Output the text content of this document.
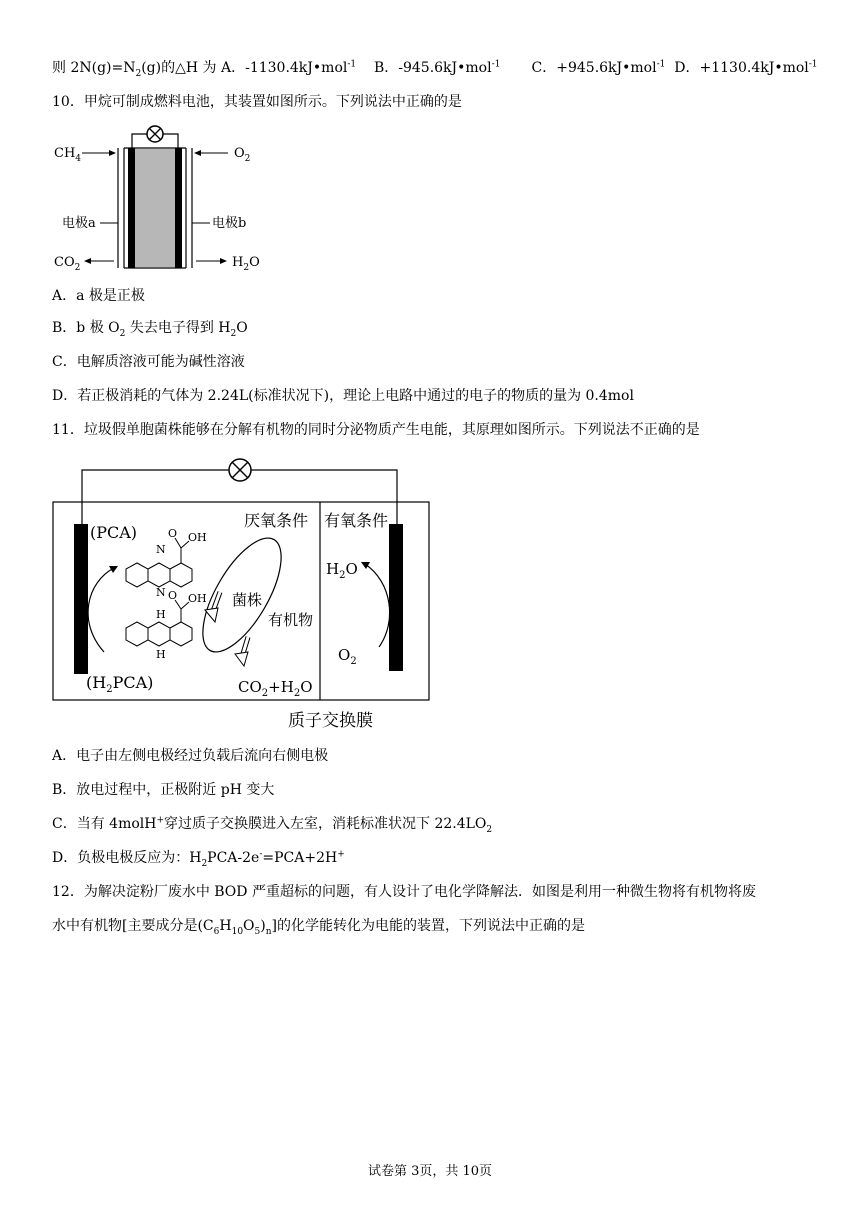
则 $2N(g)=N_2(g)$的△H 为 A．-1130.4kJ•mol$^{-1}$ B．-945.6kJ•mol$^{-1}$ C．+945.6kJ•mol$^{-1}$ D．+1130.4kJ•mol$^{-1}$
10．甲烷可制成燃料电池，其装置如图所示。下列说法中正确的是
$CH_4$	$O_2$
电极a	电极b
$CO_2$	$H_2O$
A．a 极是正极
B．b 极 $O_2$ 失去电子得到 $H_2O$
C．电解质溶液可能为碱性溶液
D．若正极消耗的气体为 2.24L(标准状况下)，理论上电路中通过的电子的物质的量为 0.4mol
11．垃圾假单胞菌株能够在分解有机物的同时分泌物质产生电能，其原理如图所示。下列说法不正确的是
(PCA)
N
N
O OH
H
H
O OH
厌氧条件 有氧条件
菌株
有机物
$CO_2+H_2O$
$H_2O$
$O_2$
$(H_2PCA)$
质子交换膜
A．电子由左侧电极经过负载后流向右侧电极
B．放电过程中，正极附近 pH 变大
C．当有 4molH+穿过质子交换膜进入左室，消耗标准状况下 $22.4LO_2$
D．负极电极反应为：$H_2PCA-2e^-=PCA+2H^+$
12．为解决淀粉厂废水中 BOD 严重超标的问题，有人设计了电化学降解法．如图是利用一种微生物将有机物将废
水中有机物[主要成分是$(C_6H_{10}O_5)_n$]的化学能转化为电能的装置，下列说法中正确的是
试卷第 3页，共 10页
